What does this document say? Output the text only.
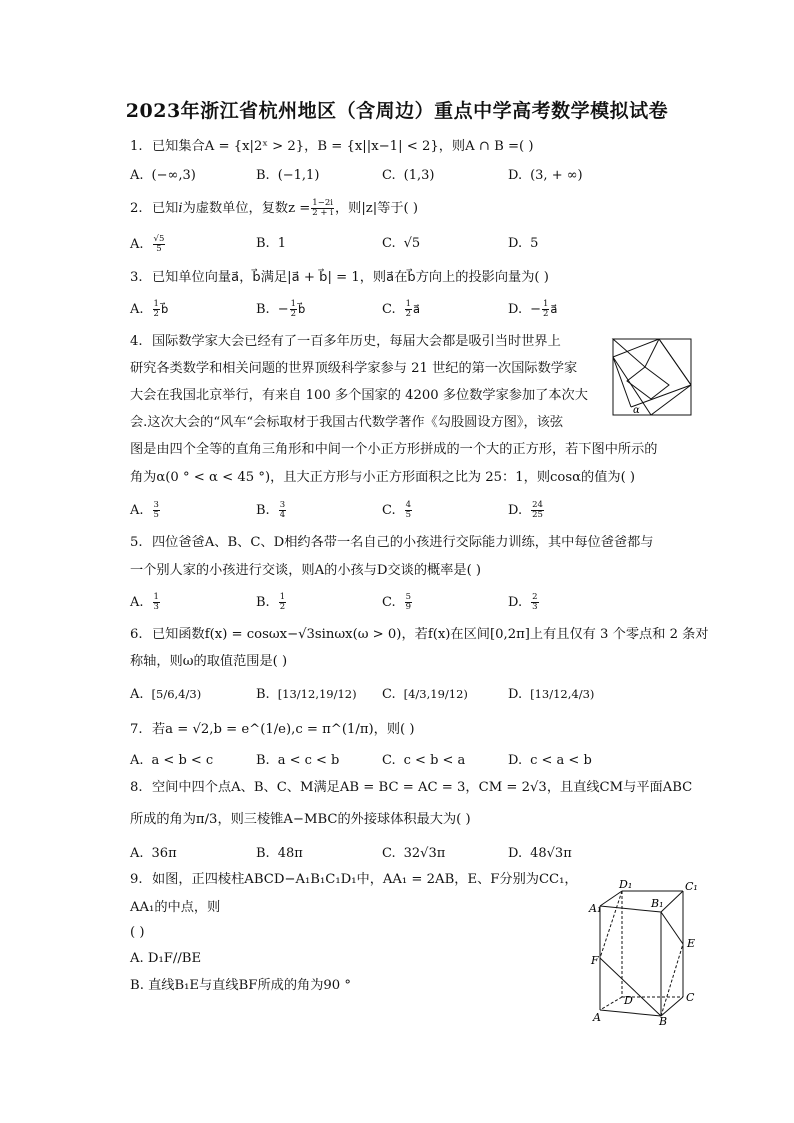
2023年浙江省杭州地区（含周边）重点中学高考数学模拟试卷
1. 已知集合A = {x|2ˣ > 2}，B = {x||x−1| < 2}，则A ∩ B =( )
A. (−∞,3)	B. (−1,1)	C. (1,3)	D. (3, + ∞)
2. 已知i为虚数单位，复数$z = \frac{1-2i}{2 + i}$ ，则|z|等于( )
A. $\frac{√5}{5}$	B. 1	C. √5	D. 5
3. 已知单位向量a⃗，b⃗满足|a⃗ + b⃗| = 1，则a⃗在b⃗方向上的投影向量为( )
A. $\frac{1}{2}$ b⃗	B. − $\frac{1}{2}$ b⃗	C. $\frac{1}{2}$ a⃗	D. − $\frac{1}{2}$ a⃗
4. 国际数学家大会已经有了一百多年历史，每届大会都是吸引当时世界上
研究各类数学和相关问题的世界顶级科学家参与 21 世纪的第一次国际数学家
大会在我国北京举行，有来自 100 多个国家的 4200 多位数学家参加了本次大
会.这次大会的“风车“会标取材于我国古代数学著作《勾股圆设方图》，该弦
图是由四个全等的直角三角形和中间一个小正方形拼成的一个大的正方形，若下图中所示的
角为α(0 ° < α < 45 °)，且大正方形与小正方形面积之比为 25：1，则cosα的值为( )
α
A. $\frac{3}{5}$	B. $\frac{3}{4}$	C. $\frac{4}{5}$	D. $\frac{24}{25}$
5. 四位爸爸A、B、C、D相约各带一名自己的小孩进行交际能力训练，其中每位爸爸都与
一个别人家的小孩进行交谈，则A的小孩与D交谈的概率是( )
A. $\frac{1}{3}$	B. $\frac{1}{2}$	C. $\frac{5}{9}$	D. $\frac{2}{3}$
6. 已知函数f(x) = cosωx−√3sinωx(ω > 0)，若f(x)在区间[0,2π]上有且仅有 3 个零点和 2 条对
称轴，则ω的取值范围是( )
A. [5/6,4/3)	B. [13/12,19/12) C. [4/3,19/12)	D. [13/12,4/3)
7. 若a = √2,b = e^(1/e),c = π^(1/π)，则( )
A. a < b < c	B. a < c < b	C. c < b < a	D. c < a < b
8. 空间中四个点A、B、C、M满足AB = BC = AC = 3，CM = 2√3，且直线CM与平面ABC
所成的角为π/3，则三棱锥A−MBC的外接球体积最大为( )
A. 36π	B. 48π	C. 32√3π	D. 48√3π
9. 如图，正四棱柱ABCD−A₁B₁C₁D₁中，AA₁ = 2AB，E、F分别为CC₁，
AA₁的中点，则
( )
A. D₁F//BE
B. 直线B₁E与直线BF所成的角为90 °
D₁	C₁
A₁	B₁
E
F
D	C
A	B
